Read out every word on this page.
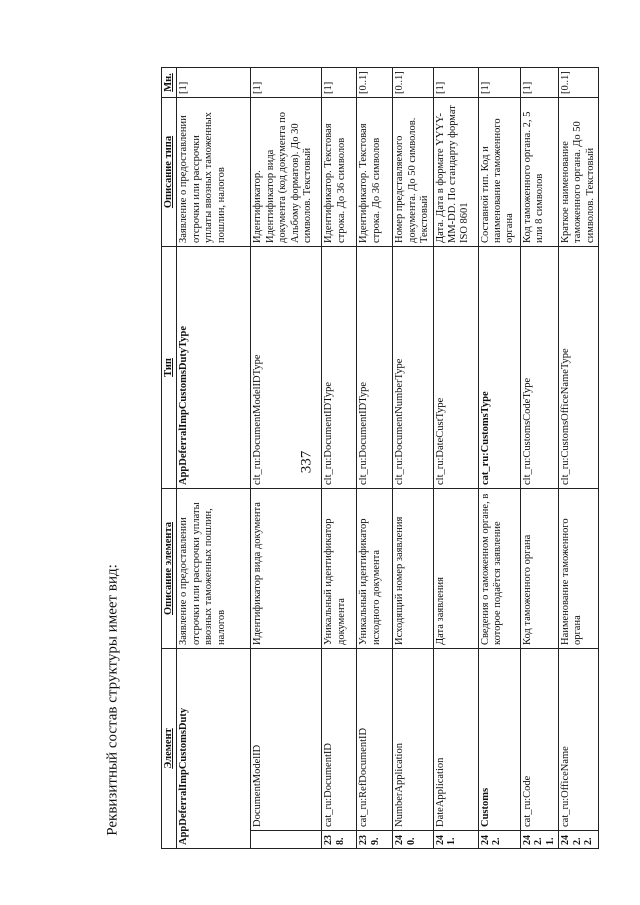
337
Реквизитный состав структуры имеет вид:	Элемент		Описание элемента	Тип	Описание типа	Мн.
AppDeferralImpCustomsDuty		Заявление о предоставлении отсрочки или рассрочки уплаты ввозных таможенных пошлин, налогов	AppDeferralImpCustomsDutyType	Заявление о предоставлении отсрочки или рассрочки уплаты ввозных таможенных пошлин, налогов	[1]
	DocumentModelID	Идентификатор вида документа	clt_ru:DocumentModelIDType	Идентификатор. Идентификатор вида документа (код документа по Альбому форматов). До 30 символов. Текстовый	[1]
238.	cat_ru:DocumentID	Уникальный идентификатор документа	clt_ru:DocumentIDType	Идентификатор. Текстовая строка. До 36 символов	[1]
239.	cat_ru:RefDocumentID	Уникальный идентификатор исходного документа	clt_ru:DocumentIDType	Идентификатор. Текстовая строка. До 36 символов	[0..1]
240.	NumberApplication	Исходящий номер заявления	clt_ru:DocumentNumberType	Номер представляемого документа. До 50 символов. Текстовый	[0..1]
241.	DateApplication	Дата заявления	clt_ru:DateCustType	Дата. Дата в формате YYYY-MM-DD. По стандарту формат ISO 8601	[1]
242.	Customs	Сведения о таможенном органе, в которое подаётся заявление	cat_ru:CustomsType	Составной тип. Код и наименование таможенного органа	[1]
242.1.	cat_ru:Code	Код таможенного органа	clt_ru:CustomsCodeType	Код таможенного органа. 2, 5 или 8 символов	[1]
242.2.	cat_ru:OfficeName	Наименование таможенного органа	clt_ru:CustomsOfficeNameType	Краткое наименование таможенного органа. До 50 символов. Текстовый	[0..1]
